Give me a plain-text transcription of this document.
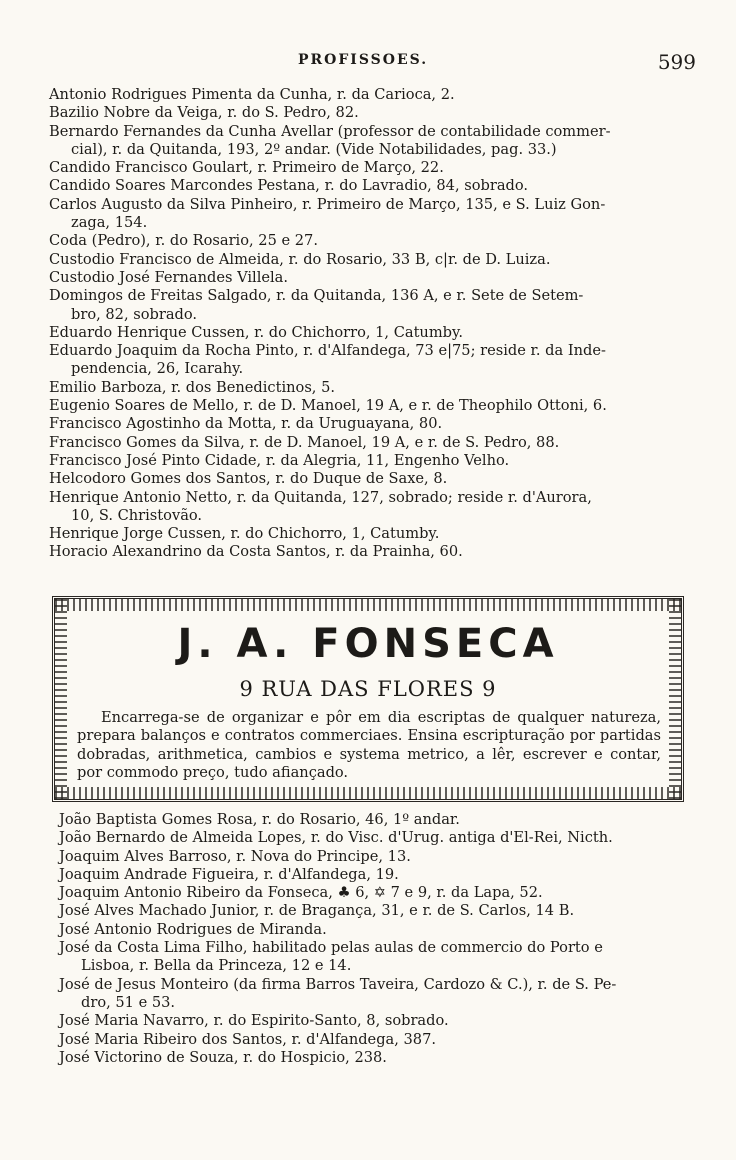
PROFISSOES.	599
Antonio Rodrigues Pimenta da Cunha, r. da Carioca, 2.
Bazilio Nobre da Veiga, r. do S. Pedro, 82.
Bernardo Fernandes da Cunha Avellar (professor de contabilidade commer-
cial), r. da Quitanda, 193, 2º andar. (Vide Notabilidades, pag. 33.)
Candido Francisco Goulart, r. Primeiro de Março, 22.
Candido Soares Marcondes Pestana, r. do Lavradio, 84, sobrado.
Carlos Augusto da Silva Pinheiro, r. Primeiro de Março, 135, e S. Luiz Gon-
zaga, 154.
Coda (Pedro), r. do Rosario, 25 e 27.
Custodio Francisco de Almeida, r. do Rosario, 33 B, c|r. de D. Luiza.
Custodio José Fernandes Villela.
Domingos de Freitas Salgado, r. da Quitanda, 136 A, e r. Sete de Setem-
bro, 82, sobrado.
Eduardo Henrique Cussen, r. do Chichorro, 1, Catumby.
Eduardo Joaquim da Rocha Pinto, r. d'Alfandega, 73 e|75; reside r. da Inde-
pendencia, 26, Icarahy.
Emilio Barboza, r. dos Benedictinos, 5.
Eugenio Soares de Mello, r. de D. Manoel, 19 A, e r. de Theophilo Ottoni, 6.
Francisco Agostinho da Motta, r. da Uruguayana, 80.
Francisco Gomes da Silva, r. de D. Manoel, 19 A, e r. de S. Pedro, 88.
Francisco José Pinto Cidade, r. da Alegria, 11, Engenho Velho.
Helcodoro Gomes dos Santos, r. do Duque de Saxe, 8.
Henrique Antonio Netto, r. da Quitanda, 127, sobrado; reside r. d'Aurora,
10, S. Christovão.
Henrique Jorge Cussen, r. do Chichorro, 1, Catumby.
Horacio Alexandrino da Costa Santos, r. da Prainha, 60.
J. A. FONSECA
9 RUA DAS FLORES 9
Encarrega-se de organizar e pôr em dia escriptas de qualquer natureza, prepara balanços e contratos commerciaes. Ensina escripturação por partidas dobradas, arithmetica, cambios e systema metrico, a lêr, escrever e contar, por commodo preço, tudo afiançado.
João Baptista Gomes Rosa, r. do Rosario, 46, 1º andar.
João Bernardo de Almeida Lopes, r. do Visc. d'Urug. antiga d'El-Rei, Nicth.
Joaquim Alves Barroso, r. Nova do Principe, 13.
Joaquim Andrade Figueira, r. d'Alfandega, 19.
Joaquim Antonio Ribeiro da Fonseca, ♣ 6, ✡ 7 e 9, r. da Lapa, 52.
José Alves Machado Junior, r. de Bragança, 31, e r. de S. Carlos, 14 B.
José Antonio Rodrigues de Miranda.
José da Costa Lima Filho, habilitado pelas aulas de commercio do Porto e
Lisboa, r. Bella da Princeza, 12 e 14.
José de Jesus Monteiro (da firma Barros Taveira, Cardozo & C.), r. de S. Pe-
dro, 51 e 53.
José Maria Navarro, r. do Espirito-Santo, 8, sobrado.
José Maria Ribeiro dos Santos, r. d'Alfandega, 387.
José Victorino de Souza, r. do Hospicio, 238.
